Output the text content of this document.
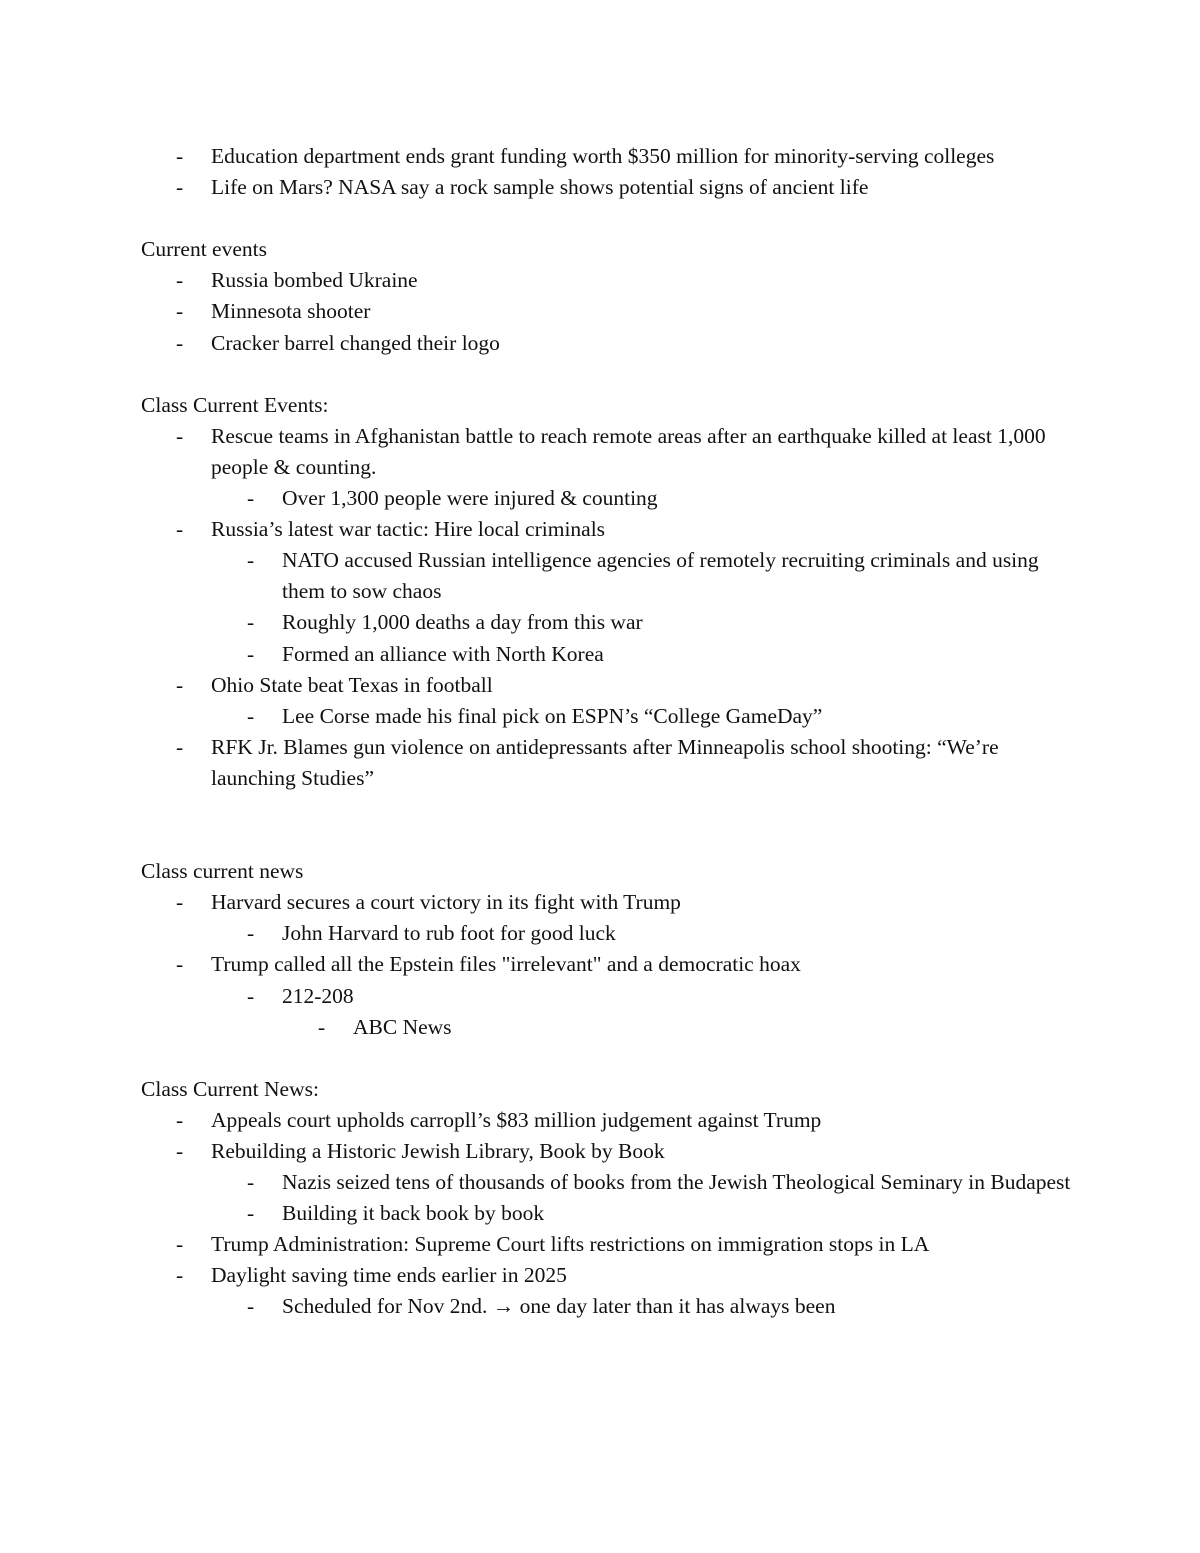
- Education department ends grant funding worth $350 million for minority-serving colleges
- Life on Mars? NASA say a rock sample shows potential signs of ancient life

Current events

- Russia bombed Ukraine
- Minnesota shooter
- Cracker barrel changed their logo

Class Current Events:

- Rescue teams in Afghanistan battle to reach remote areas after an earthquake killed at least 1,000 people & counting.
- Over 1,300 people were injured & counting
- Russia’s latest war tactic: Hire local criminals
- NATO accused Russian intelligence agencies of remotely recruiting criminals and using them to sow chaos
- Roughly 1,000 deaths a day from this war
- Formed an alliance with North Korea
- Ohio State beat Texas in football
- Lee Corse made his final pick on ESPN’s “College GameDay”
- RFK Jr. Blames gun violence on antidepressants after Minneapolis school shooting: “We’re launching Studies”

Class current news

- Harvard secures a court victory in its fight with Trump
- John Harvard to rub foot for good luck
- Trump called all the Epstein files "irrelevant" and a democratic hoax
- 212-208
- ABC News

Class Current News:

- Appeals court upholds carropll’s $83 million judgement against Trump
- Rebuilding a Historic Jewish Library, Book by Book
- Nazis seized tens of thousands of books from the Jewish Theological Seminary in Budapest
- Building it back book by book
- Trump Administration: Supreme Court lifts restrictions on immigration stops in LA
- Daylight saving time ends earlier in 2025
- Scheduled for Nov 2nd. → one day later than it has always been
